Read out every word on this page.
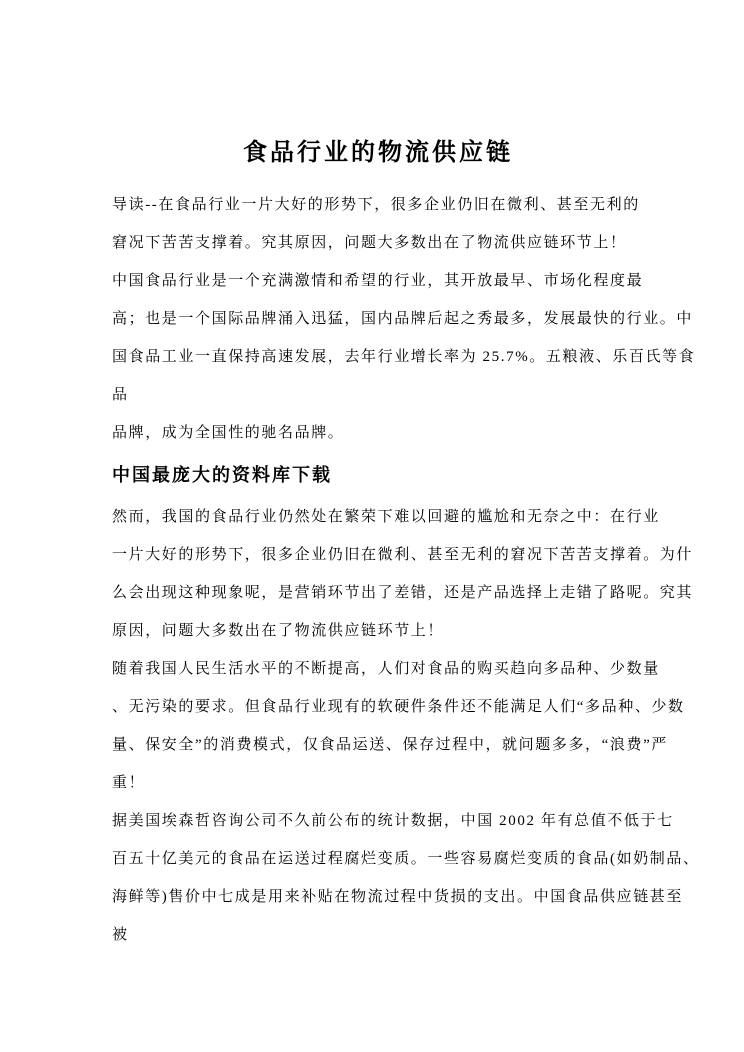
食品行业的物流供应链
导读--在食品行业一片大好的形势下，很多企业仍旧在微利、甚至无利的
窘况下苦苦支撑着。究其原因，问题大多数出在了物流供应链环节上！
中国食品行业是一个充满激情和希望的行业，其开放最早、市场化程度最
高；也是一个国际品牌涌入迅猛，国内品牌后起之秀最多，发展最快的行业。中
国食品工业一直保持高速发展，去年行业增长率为 25.7%。五粮液、乐百氏等食
品
品牌，成为全国性的驰名品牌。
中国最庞大的资料库下载
然而，我国的食品行业仍然处在繁荣下难以回避的尴尬和无奈之中：在行业
一片大好的形势下，很多企业仍旧在微利、甚至无利的窘况下苦苦支撑着。为什
么会出现这种现象呢，是营销环节出了差错，还是产品选择上走错了路呢。究其
原因，问题大多数出在了物流供应链环节上！
随着我国人民生活水平的不断提高，人们对食品的购买趋向多品种、少数量
、无污染的要求。但食品行业现有的软硬件条件还不能满足人们“多品种、少数
量、保安全”的消费模式，仅食品运送、保存过程中，就问题多多，“浪费”严
重！
据美国埃森哲咨询公司不久前公布的统计数据，中国 2002 年有总值不低于七
百五十亿美元的食品在运送过程腐烂变质。一些容易腐烂变质的食品(如奶制品、
海鲜等)售价中七成是用来补贴在物流过程中货损的支出。中国食品供应链甚至
被
